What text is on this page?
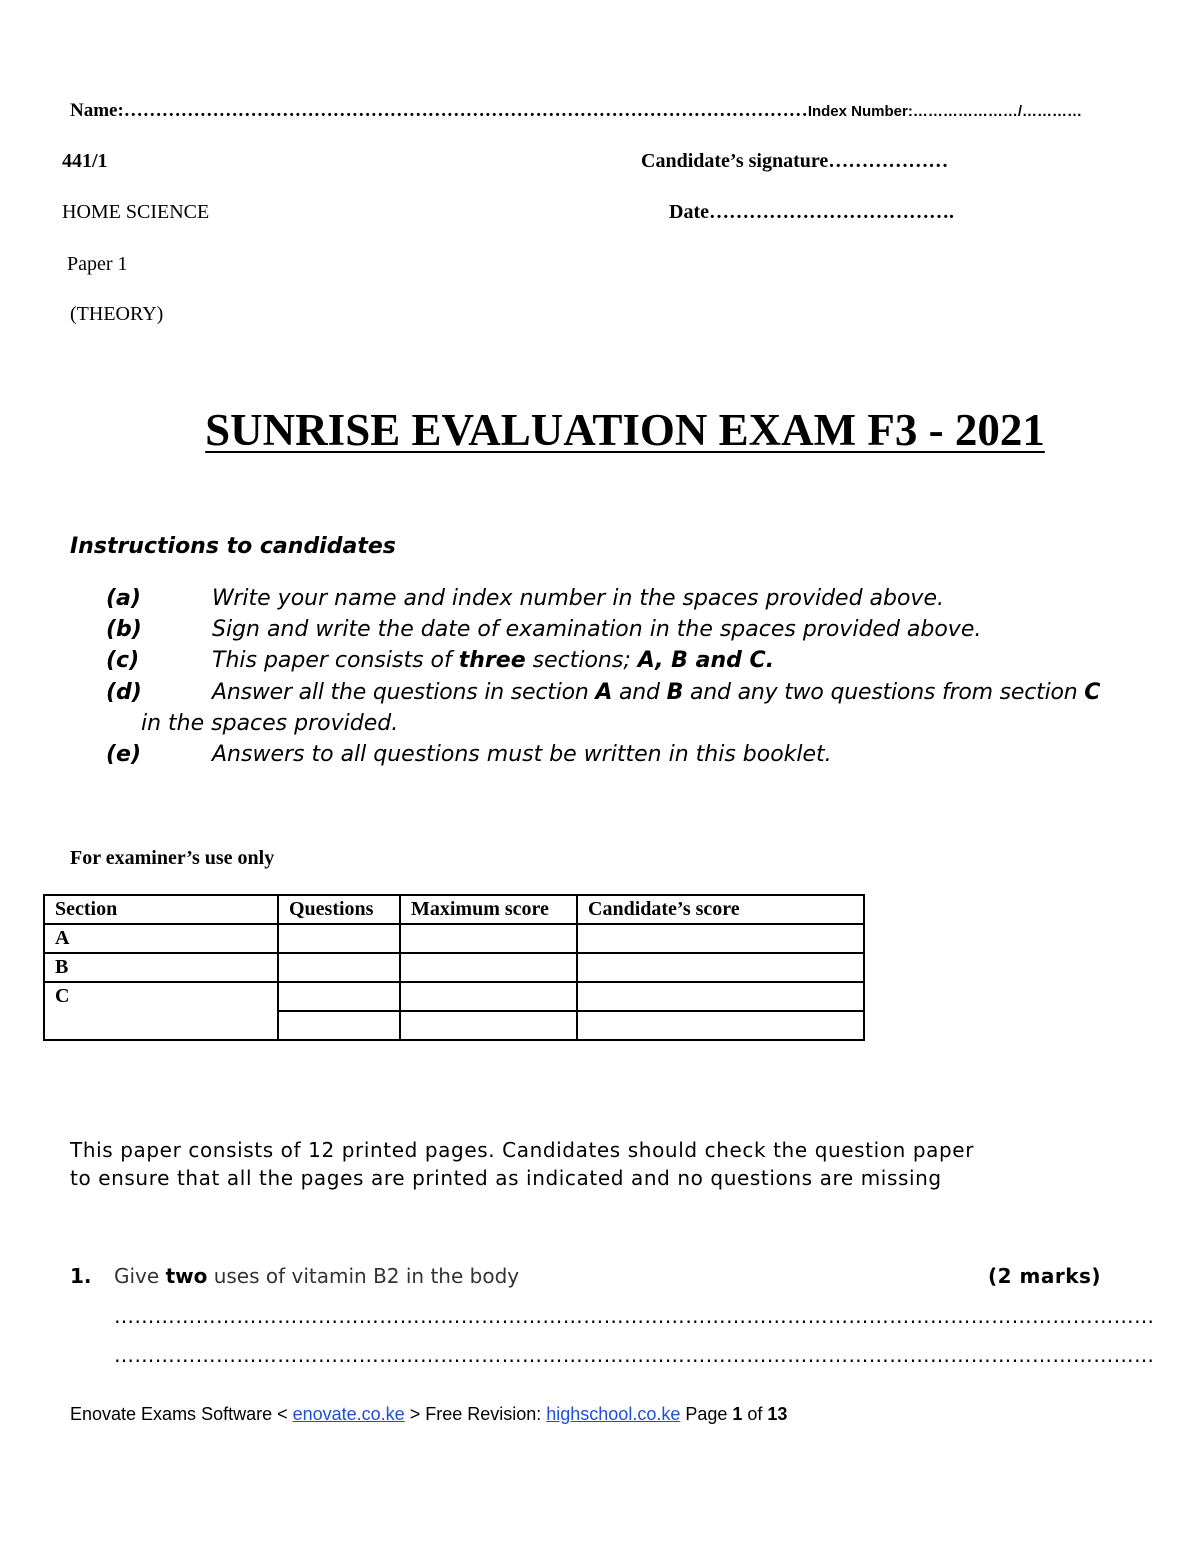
Name:………………………………………………………………………………………………Index Number:…………………/…………
441/1	Candidate’s signature………………
HOME SCIENCE	Date……………………………….
Paper 1
(THEORY)
SUNRISE EVALUATION EXAM F3 - 2021
Instructions to candidates
(a)	Write your name and index number in the spaces provided above.
(b)	Sign and write the date of examination in the spaces provided above.
(c)	This paper consists of three sections; A, B and C.
(d)	Answer all the questions in section A and B and any two questions from section C
in the spaces provided.
(e)	Answers to all questions must be written in this booklet.
For examiner’s use only
Section	Questions	Maximum score	Candidate’s score
A			
B			
C			

This paper consists of 12 printed pages. Candidates should check the question paper
to ensure that all the pages are printed as indicated and no questions are missing
1. Give two uses of vitamin B2 in the body	(2 marks)
………………………………………………………………………………………………………………………………………
………………………………………………………………………………………………………………………………………
Enovate Exams Software < enovate.co.ke > Free Revision: highschool.co.ke Page 1 of 13
